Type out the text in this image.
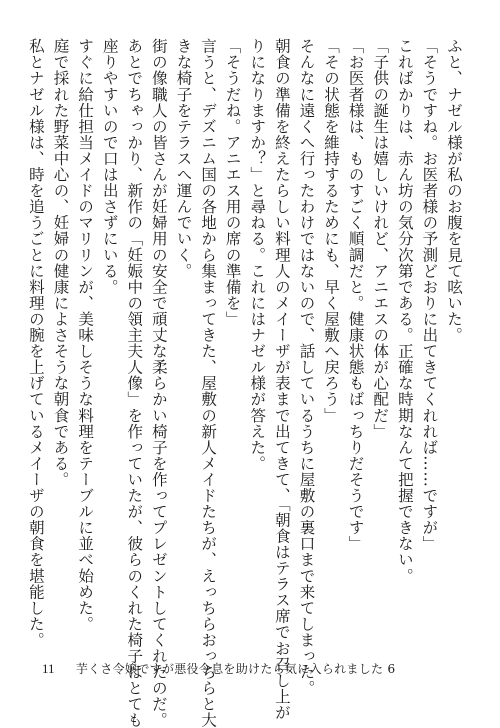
ふと、ナゼル様が私のお腹を見て呟いた。
「そうですね。お医者様の予測どおりに出てきてくれれば……ですが」
こればかりは、赤ん坊の気分次第である。正確な時期なんて把握できない。
「子供の誕生は嬉しいけれど、アニエスの体が心配だ」
「お医者様は、ものすごく順調だと。健康状態もばっちりだそうです」
「その状態を維持するためにも、早く屋敷へ戻ろう」
そんなに遠くへ行ったわけではないので、話しているうちに屋敷の裏口まで来てしまった。
朝食の準備を終えたらしい料理人のメイーザが表まで出てきて、「朝食はテラス席でお召し上が
りになりますか？」と尋ねる。これにはナゼル様が答えた。
「そうだね。アニエス用の席の準備を」
言うと、デズニム国の各地から集まってきた、屋敷の新人メイドたちが、えっちらおっちらと大
きな椅子をテラスへ運んでいく。
街の像職人の皆さんが妊婦用の安全で頑丈な柔らかい椅子を作ってプレゼントしてくれたのだ。
あとでちゃっかり、新作の「妊娠中の領主夫人像」を作っていたが、彼らのくれた椅子はとても
座りやすいので口は出さずにいる。
すぐに給仕担当メイドのマリリンが、美味しそうな料理をテーブルに並べ始めた。
庭で採れた野菜中心の、妊婦の健康によさそうな朝食である。
私とナゼル様は、時を追うごとに料理の腕を上げているメイーザの朝食を堪能した。
11 芋くさ令嬢ですが悪役令息を助けたら気に入られました 6
